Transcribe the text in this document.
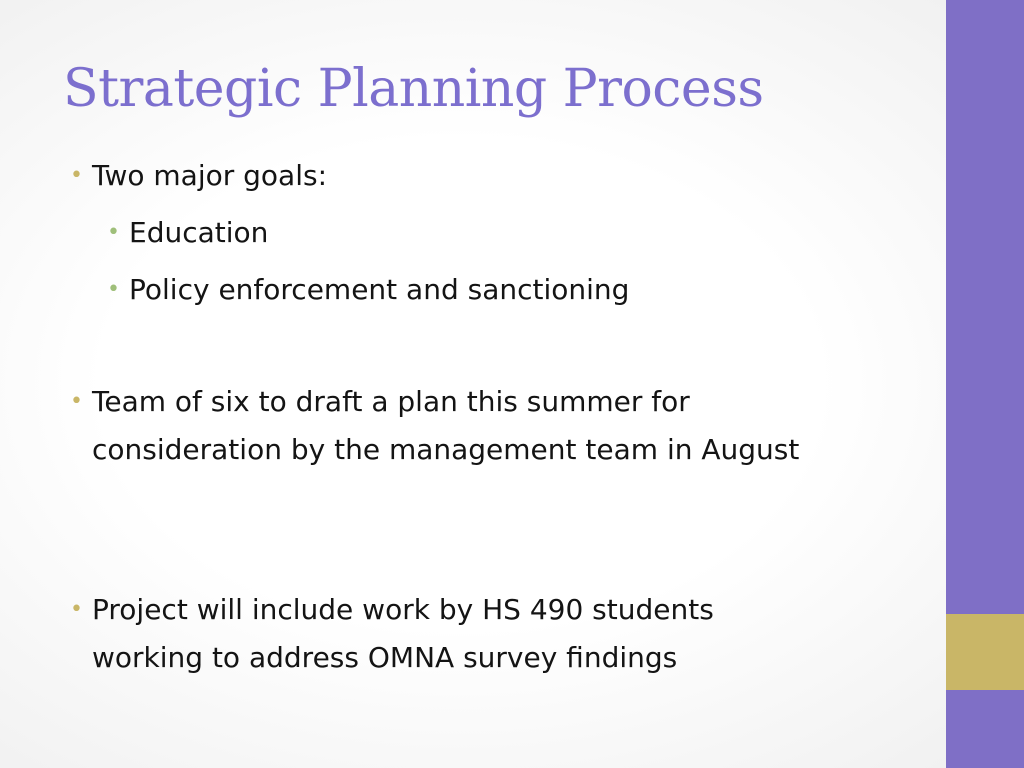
Strategic Planning Process
• Two major goals:
• Education
• Policy enforcement and sanctioning
• Team of six to draft a plan this summer for consideration by the management team in August
• Project will include work by HS 490 students working to address OMNA survey findings
